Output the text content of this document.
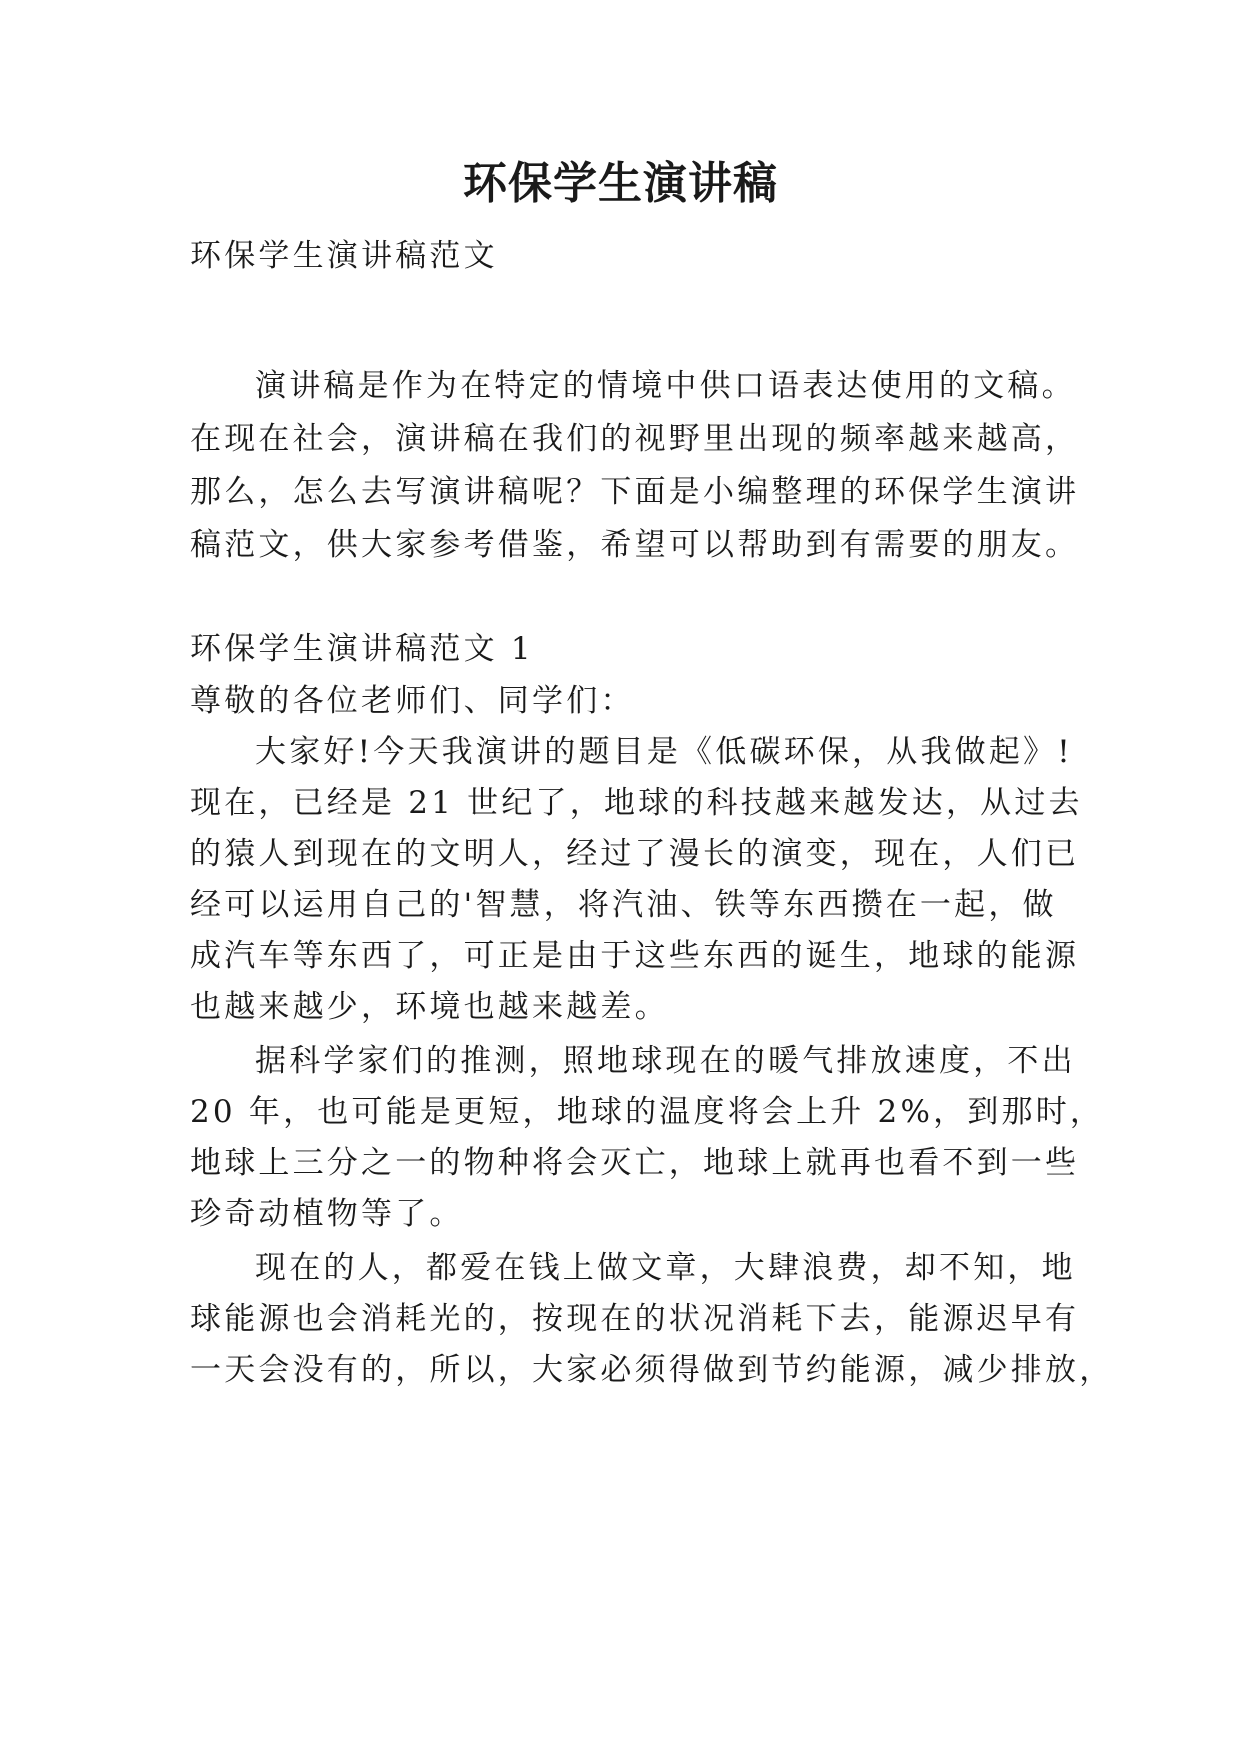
环保学生演讲稿
环保学生演讲稿范文
演讲稿是作为在特定的情境中供口语表达使用的文稿。
在现在社会，演讲稿在我们的视野里出现的频率越来越高，
那么，怎么去写演讲稿呢？下面是小编整理的环保学生演讲
稿范文，供大家参考借鉴，希望可以帮助到有需要的朋友。
环保学生演讲稿范文 1
尊敬的各位老师们、同学们：
大家好!今天我演讲的题目是《低碳环保，从我做起》!
现在，已经是 21 世纪了，地球的科技越来越发达，从过去
的猿人到现在的文明人，经过了漫长的演变，现在，人们已
经可以运用自己的'智慧，将汽油、铁等东西攒在一起，做
成汽车等东西了，可正是由于这些东西的诞生，地球的能源
也越来越少，环境也越来越差。
据科学家们的推测，照地球现在的暖气排放速度，不出
20 年，也可能是更短，地球的温度将会上升 2%，到那时，
地球上三分之一的物种将会灭亡，地球上就再也看不到一些
珍奇动植物等了。
现在的人，都爱在钱上做文章，大肆浪费，却不知，地
球能源也会消耗光的，按现在的状况消耗下去，能源迟早有
一天会没有的，所以，大家必须得做到节约能源，减少排放，
